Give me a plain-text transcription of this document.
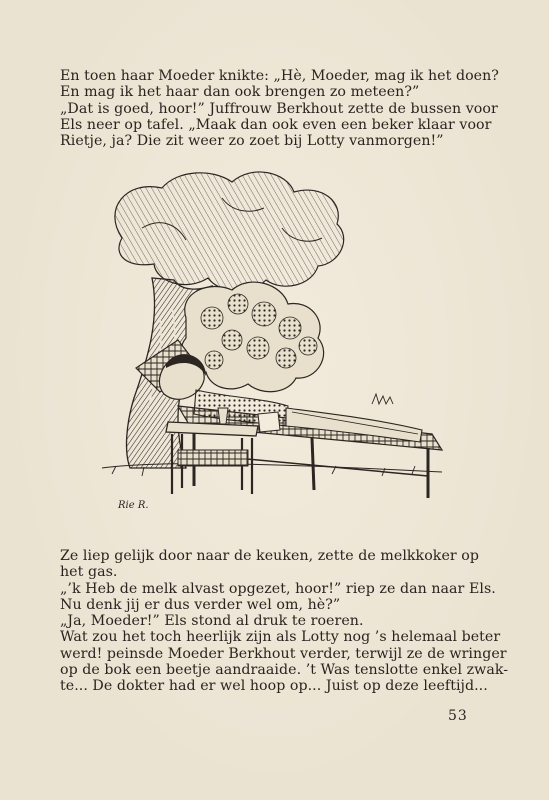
En toen haar Moeder knikte: „Hè, Moeder, mag ik het doen?
En mag ik het haar dan ook brengen zo meteen?”
„Dat is goed, hoor!” Juffrouw Berkhout zette de bussen voor
Els neer op tafel. „Maak dan ook even een beker klaar voor
Rietje, ja? Die zit weer zo zoet bij Lotty vanmorgen!”
Rie R.
Ze liep gelijk door naar de keuken, zette de melkkoker op
het gas.
„’k Heb de melk alvast opgezet, hoor!” riep ze dan naar Els.
Nu denk jij er dus verder wel om, hè?”
„Ja, Moeder!” Els stond al druk te roeren.
Wat zou het toch heerlijk zijn als Lotty nog ’s helemaal beter
werd! peinsde Moeder Berkhout verder, terwijl ze de wringer
op de bok een beetje aandraaide. ’t Was tenslotte enkel zwak-
te... De dokter had er wel hoop op... Juist op deze leeftijd...
53
